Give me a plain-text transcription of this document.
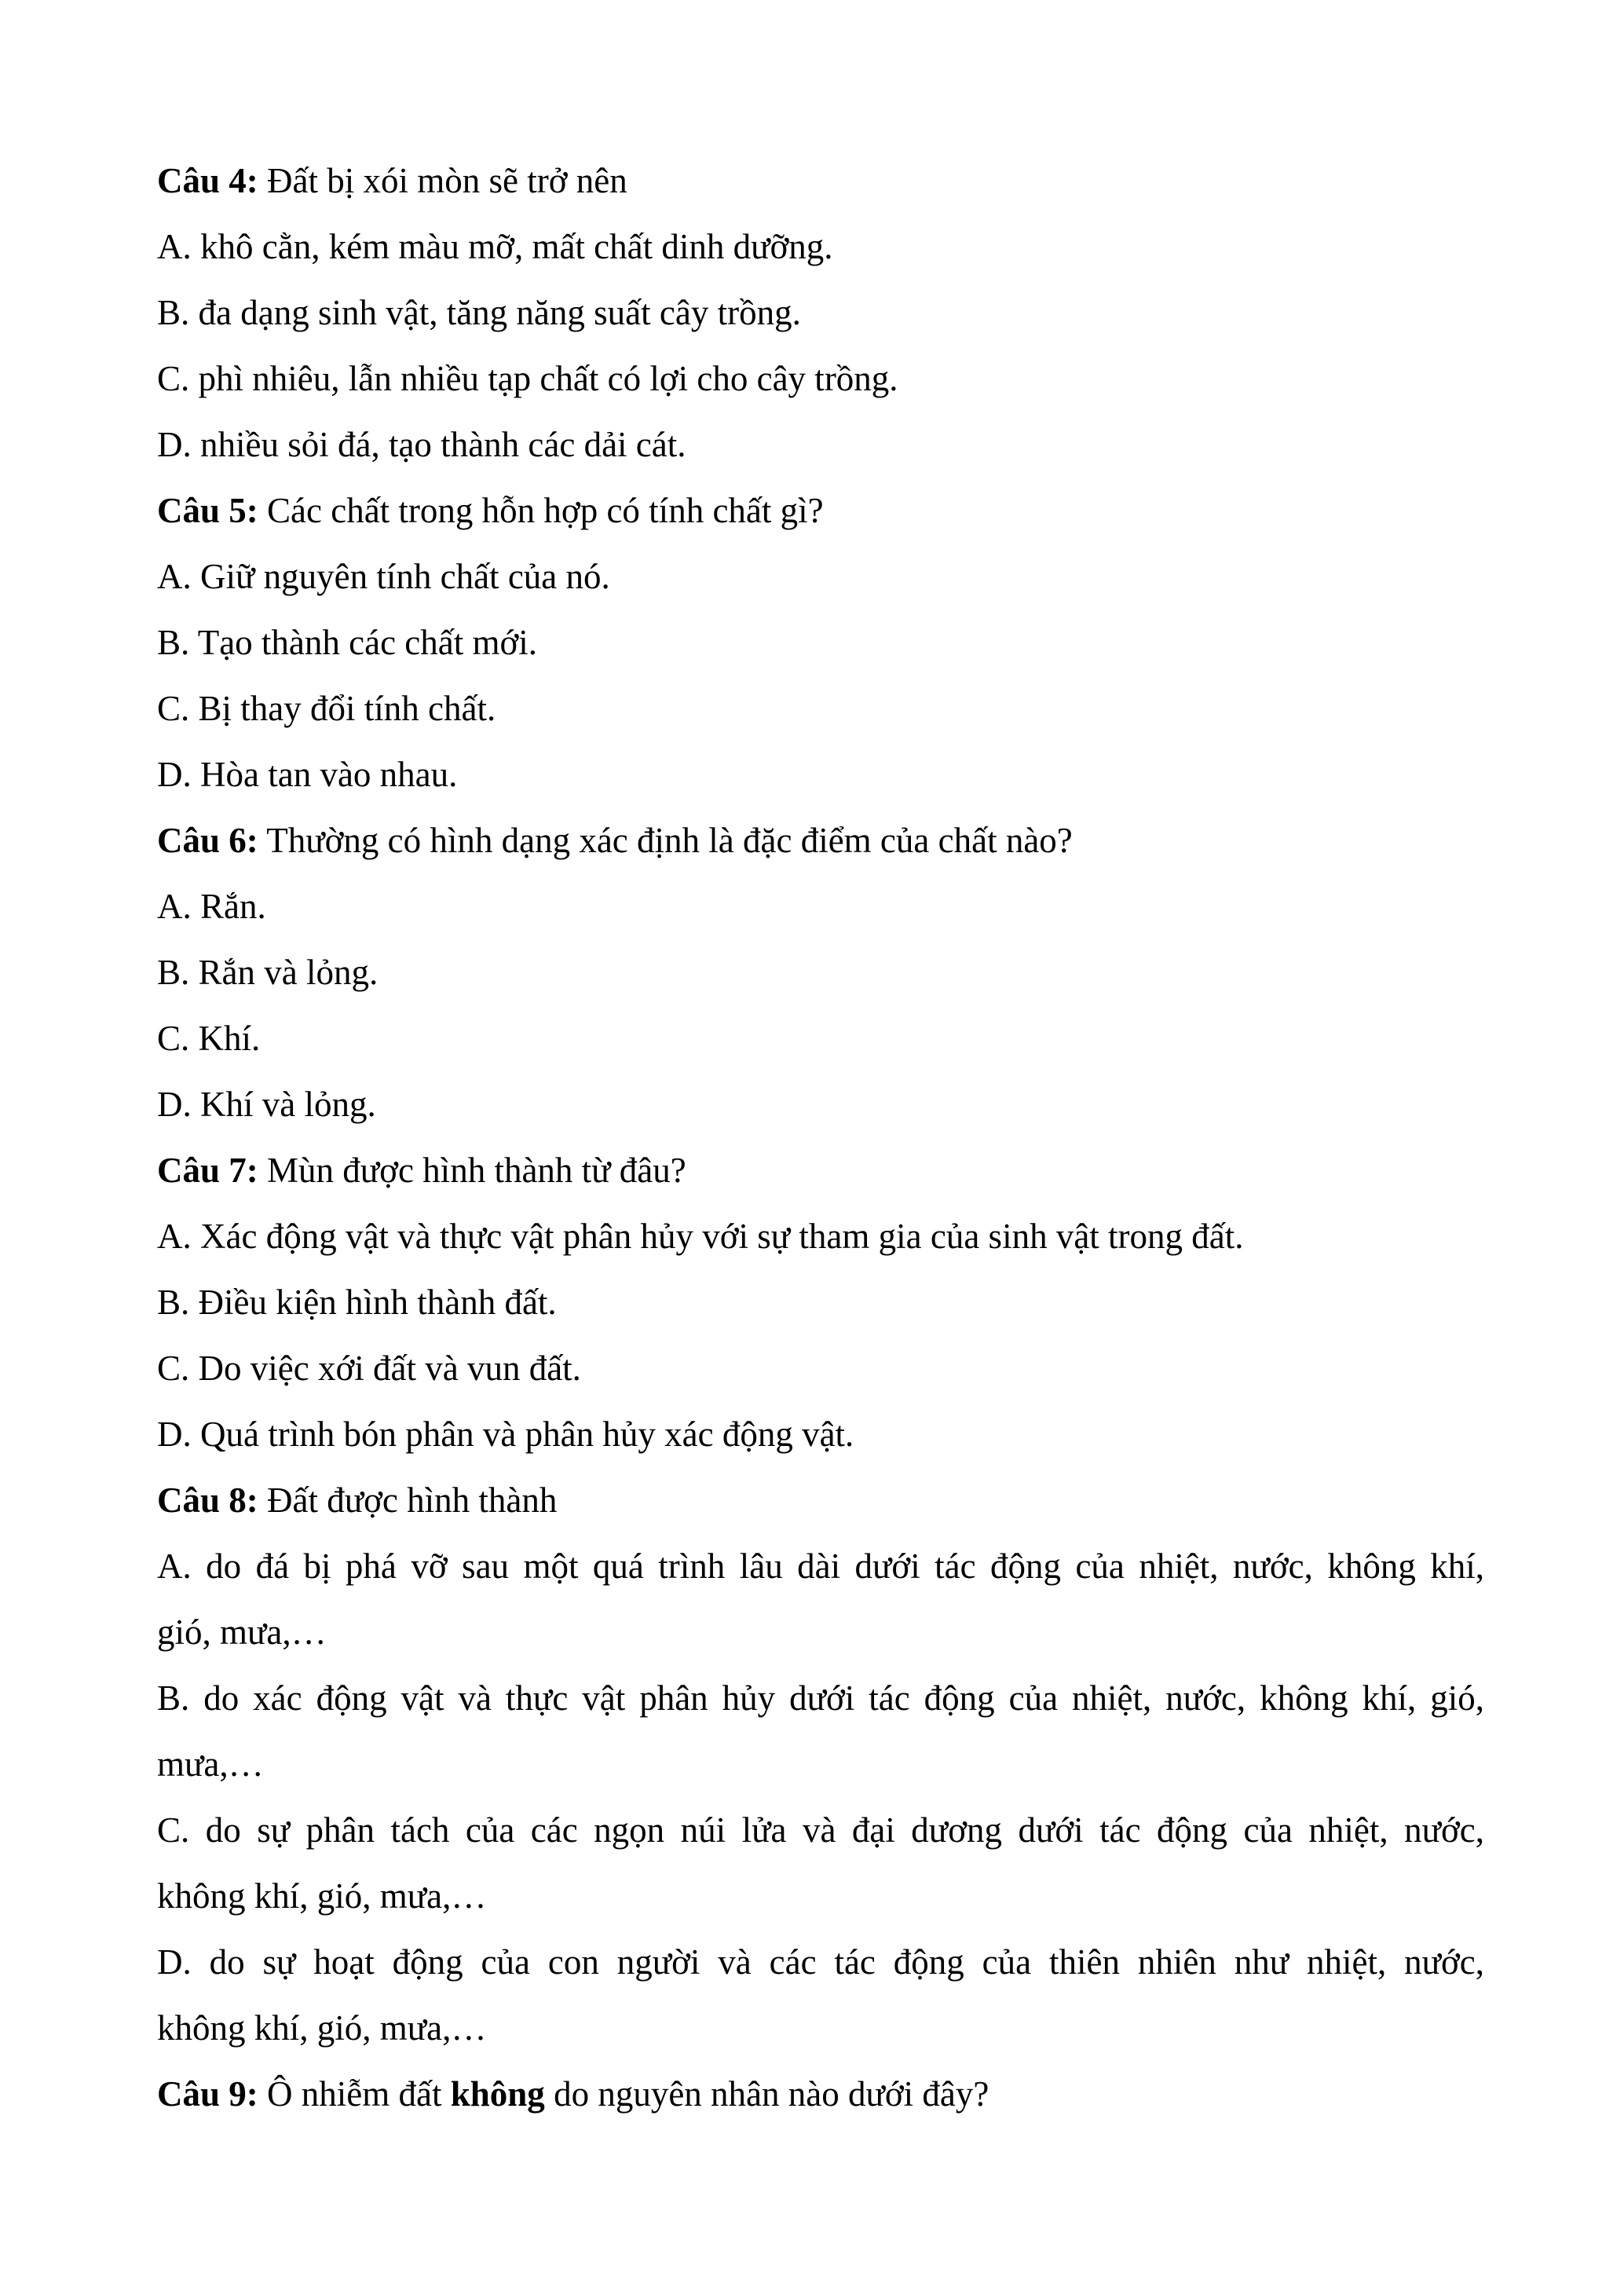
Câu 4: Đất bị xói mòn sẽ trở nên
A. khô cằn, kém màu mỡ, mất chất dinh dưỡng.
B. đa dạng sinh vật, tăng năng suất cây trồng.
C. phì nhiêu, lẫn nhiều tạp chất có lợi cho cây trồng.
D. nhiều sỏi đá, tạo thành các dải cát.
Câu 5: Các chất trong hỗn hợp có tính chất gì?
A. Giữ nguyên tính chất của nó.
B. Tạo thành các chất mới.
C. Bị thay đổi tính chất.
D. Hòa tan vào nhau.
Câu 6: Thường có hình dạng xác định là đặc điểm của chất nào?
A. Rắn.
B. Rắn và lỏng.
C. Khí.
D. Khí và lỏng.
Câu 7: Mùn được hình thành từ đâu?
A. Xác động vật và thực vật phân hủy với sự tham gia của sinh vật trong đất.
B. Điều kiện hình thành đất.
C. Do việc xới đất và vun đất.
D. Quá trình bón phân và phân hủy xác động vật.
Câu 8: Đất được hình thành
A. do đá bị phá vỡ sau một quá trình lâu dài dưới tác động của nhiệt, nước, không khí,
gió, mưa,…
B. do xác động vật và thực vật phân hủy dưới tác động của nhiệt, nước, không khí, gió,
mưa,…
C. do sự phân tách của các ngọn núi lửa và đại dương dưới tác động của nhiệt, nước,
không khí, gió, mưa,…
D. do sự hoạt động của con người và các tác động của thiên nhiên như nhiệt, nước,
không khí, gió, mưa,…
Câu 9: Ô nhiễm đất không do nguyên nhân nào dưới đây?
